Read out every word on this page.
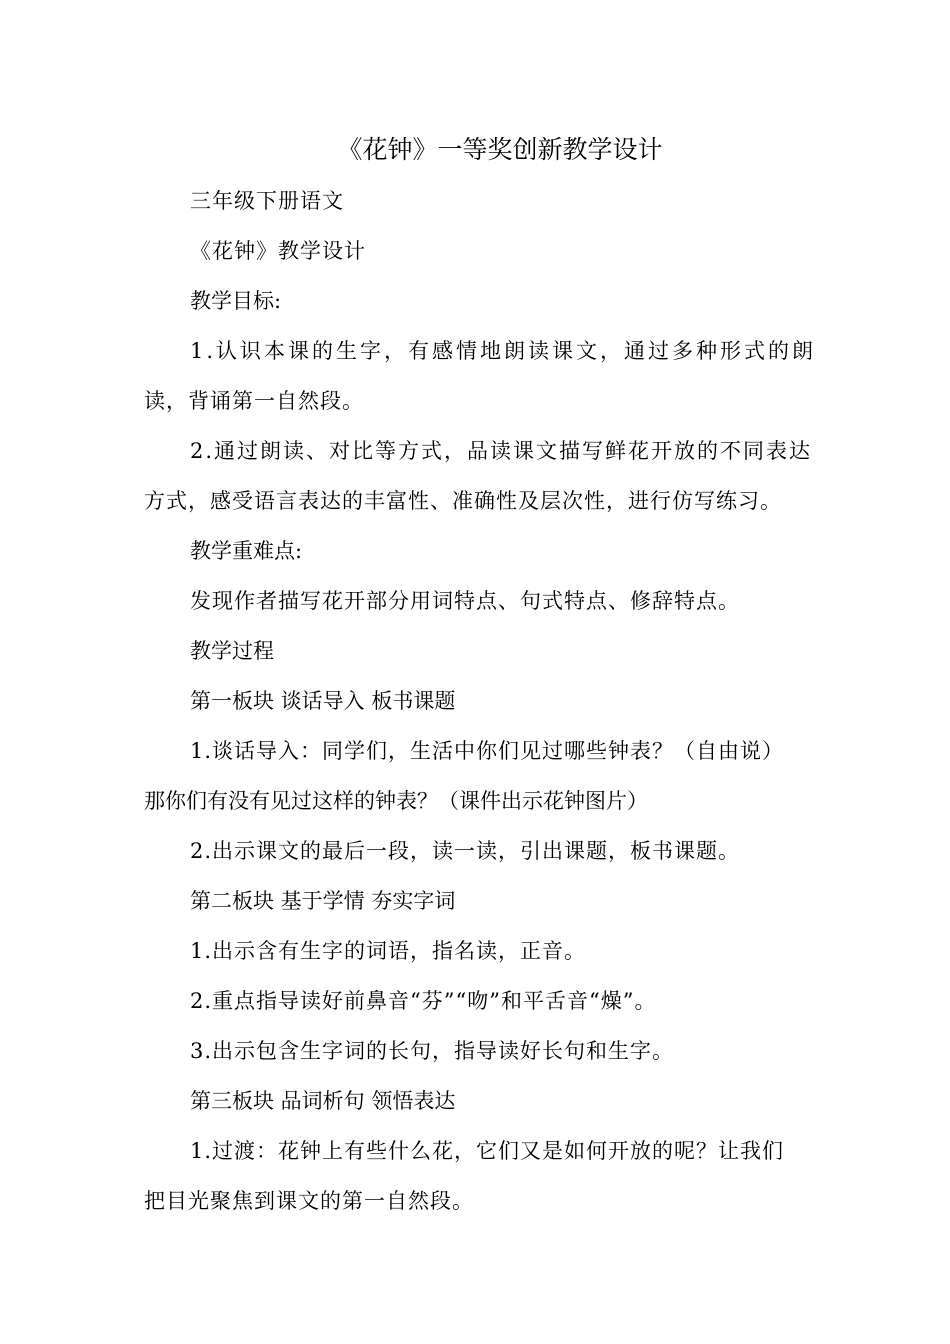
《花钟》一等奖创新教学设计
三年级下册语文
《花钟》教学设计
教学目标:
1.认识本课的生字，有感情地朗读课文，通过多种形式的朗
读，背诵第一自然段。
2.通过朗读、对比等方式，品读课文描写鲜花开放的不同表达
方式，感受语言表达的丰富性、准确性及层次性，进行仿写练习。
教学重难点:
发现作者描写花开部分用词特点、句式特点、修辞特点。
教学过程
第一板块 谈话导入 板书课题
1.谈话导入：同学们，生活中你们见过哪些钟表？（自由说）
那你们有没有见过这样的钟表？（课件出示花钟图片）
2.出示课文的最后一段，读一读，引出课题，板书课题。
第二板块 基于学情 夯实字词
1.出示含有生字的词语，指名读，正音。
2.重点指导读好前鼻音“芬”“吻”和平舌音“燥”。
3.出示包含生字词的长句，指导读好长句和生字。
第三板块 品词析句 领悟表达
1.过渡：花钟上有些什么花，它们又是如何开放的呢？让我们
把目光聚焦到课文的第一自然段。
